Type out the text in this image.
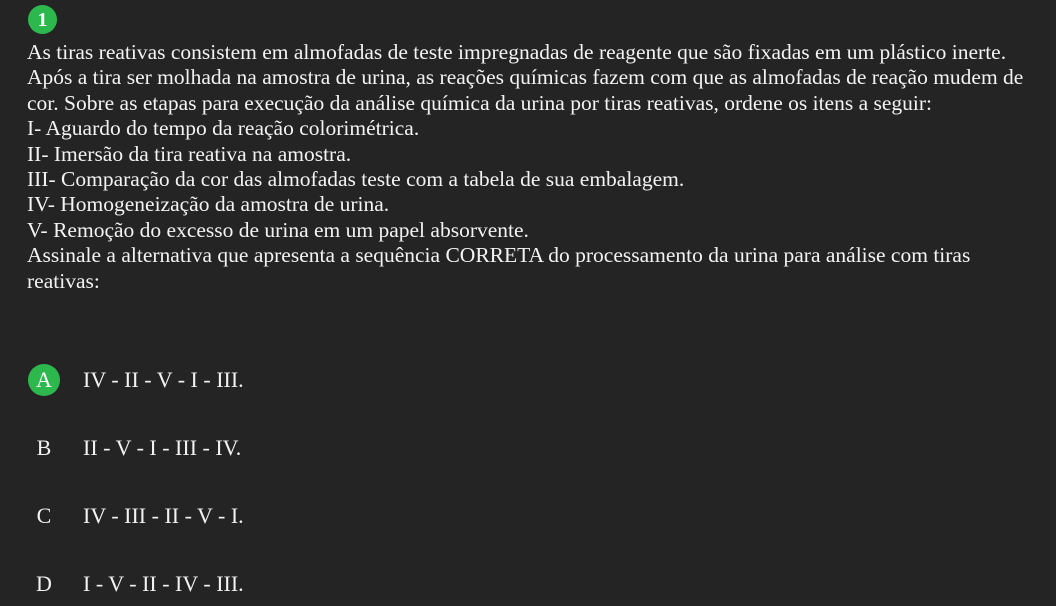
1

As tiras reativas consistem em almofadas de teste impregnadas de reagente que são fixadas em um plástico inerte. Após a tira ser molhada na amostra de urina, as reações químicas fazem com que as almofadas de reação mudem de cor. Sobre as etapas para execução da análise química da urina por tiras reativas, ordene os itens a seguir:

I- Aguardo do tempo da reação colorimétrica.

II- Imersão da tira reativa na amostra.

III- Comparação da cor das almofadas teste com a tabela de sua embalagem.

IV- Homogeneização da amostra de urina.

V- Remoção do excesso de urina em um papel absorvente.

Assinale a alternativa que apresenta a sequência CORRETA do processamento da urina para análise com tiras reativas:

A	IV - II - V - I - III.
B	II - V - I - III - IV.
C	IV - III - II - V - I.
D	I - V - II - IV - III.
